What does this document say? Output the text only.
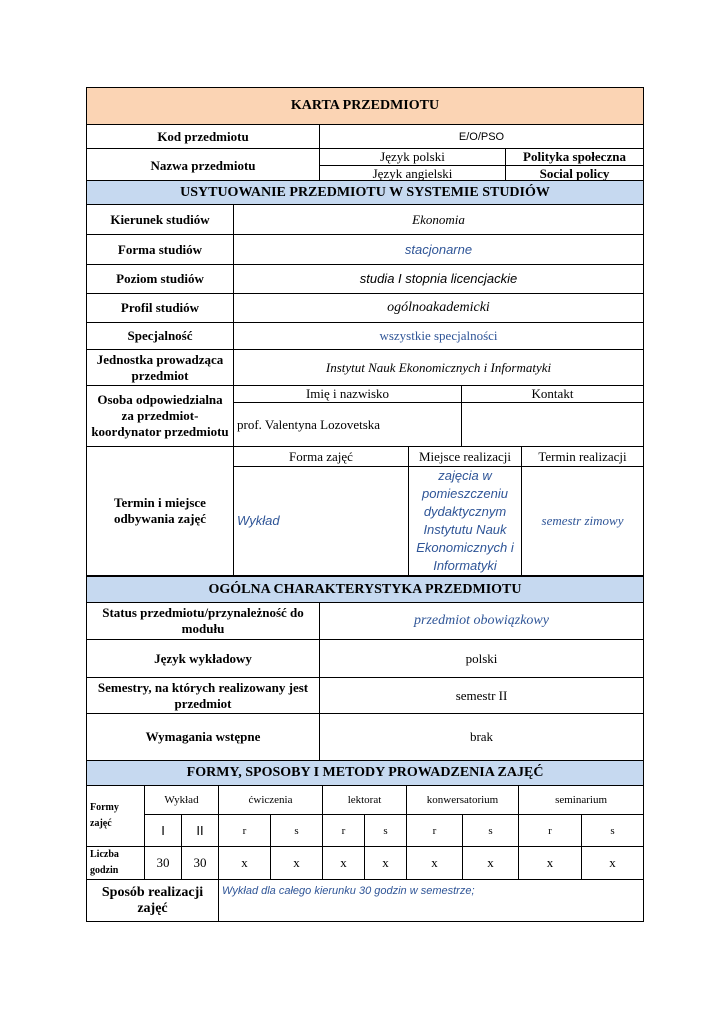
KARTA PRZEDMIOTU		
Kod przedmiotu	E/O/PSO	
Nazwa przedmiotu	Język polski	Polityka społeczna
	Język angielski	Social policy
USYTUOWANIE PRZEDMIOTU W SYSTEMIE STUDIÓW				
Kierunek studiów	Ekonomia			
Forma studiów	stacjonarne			
Poziom studiów	studia I stopnia licencjackie			
Profil studiów	ogólnoakademicki			
Specjalność	wszystkie specjalności			
Jednostka prowadząca przedmiot	Instytut Nauk Ekonomicznych i Informatyki			
Osoba odpowiedzialna za przedmiot- koordynator przedmiotu	Imię i nazwisko		Kontakt	
	prof. Valentyna Lozovetska			
Termin i miejsce odbywania zajęć	Forma zajęć	Miejsce realizacji		Termin realizacji
	Wykład	zajęcia w pomieszczeniu dydaktycznym Instytutu Nauk Ekonomicznych i Informatyki		semestr zimowy
OGÓLNA CHARAKTERYSTYKA PRZEDMIOTU	
Status przedmiotu/przynależność do modułu	przedmiot obowiązkowy
Język wykładowy	polski
Semestry, na których realizowany jest przedmiot	semestr II
Wymagania wstępne	brak
FORMY, SPOSOBY I METODY PROWADZENIA ZAJĘĆ										
Formy zajęć	Wykład		ćwiczenia		lektorat		konwersatorium		seminarium	
	I	II	r	s	r	s	r	s	r	s
Liczba godzin	30	30	x	x	x	x	x	x	x	x
Sposób realizacji zajęć			Wykład dla całego kierunku 30 godzin w semestrze;							
